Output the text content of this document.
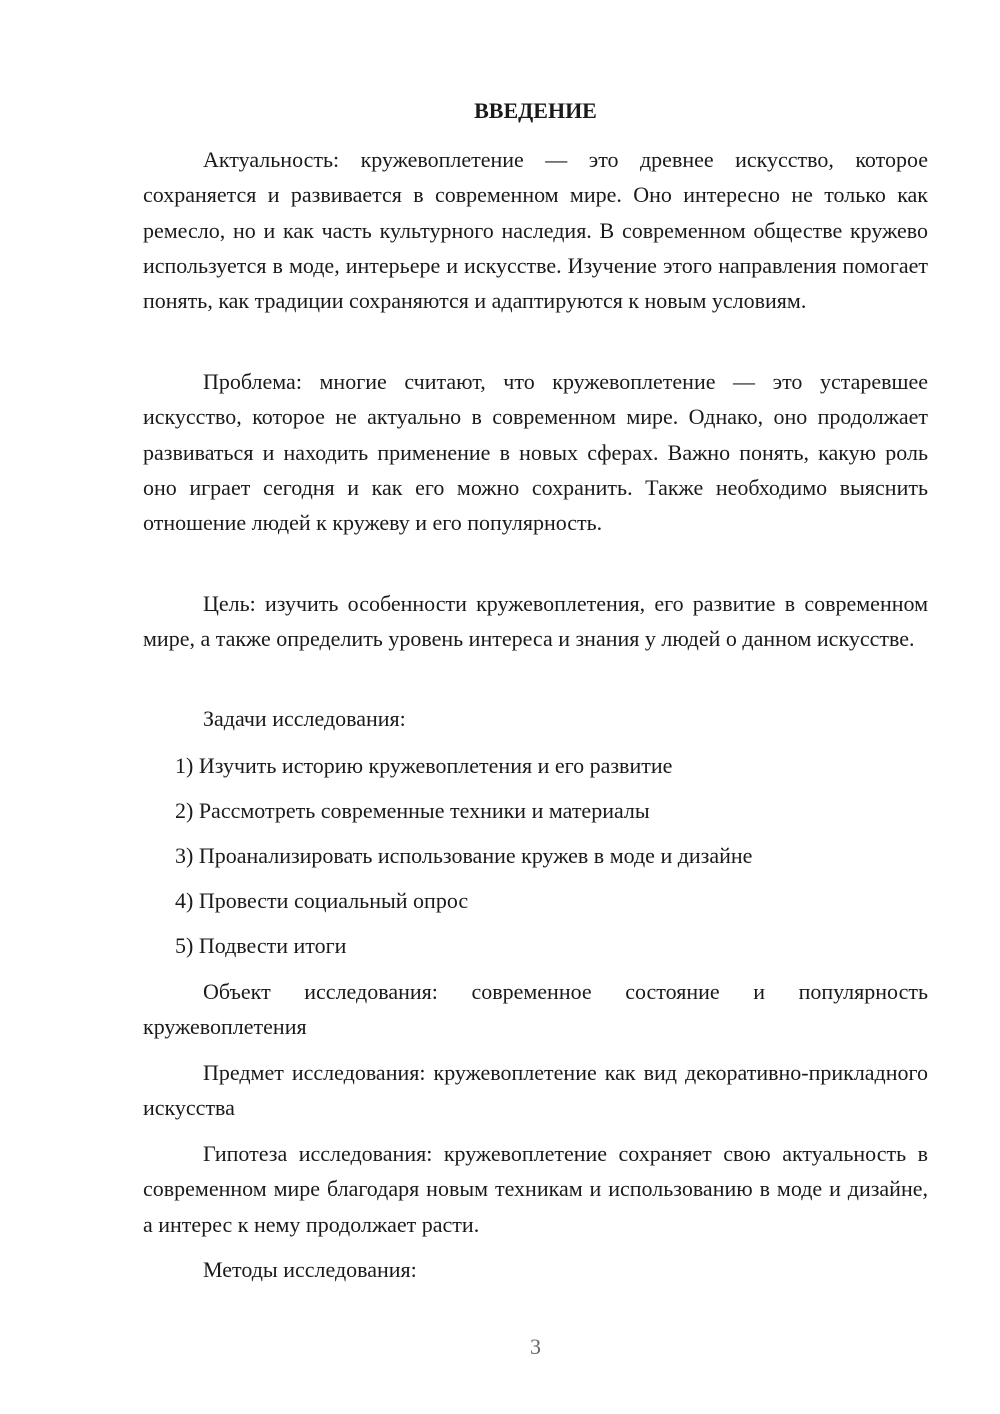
ВВЕДЕНИЕ

Актуальность: кружевоплетение — это древнее искусство, которое сохраняется и развивается в современном мире. Оно интересно не только как ремесло, но и как часть культурного наследия. В современном обществе кружево используется в моде, интерьере и искусстве. Изучение этого направления помогает понять, как традиции сохраняются и адаптируются к новым условиям.

Проблема: многие считают, что кружевоплетение — это устаревшее искусство, которое не актуально в современном мире. Однако, оно продолжает развиваться и находить применение в новых сферах. Важно понять, какую роль оно играет сегодня и как его можно сохранить. Также необходимо выяснить отношение людей к кружеву и его популярность.

Цель: изучить особенности кружевоплетения, его развитие в современном мире, а также определить уровень интереса и знания у людей о данном искусстве.

Задачи исследования:

1) Изучить историю кружевоплетения и его развитие

2) Рассмотреть современные техники и материалы

3) Проанализировать использование кружев в моде и дизайне

4) Провести социальный опрос

5) Подвести итоги

Объект исследования: современное состояние и популярность кружевоплетения

Предмет исследования: кружевоплетение как вид декоративно-прикладного искусства

Гипотеза исследования: кружевоплетение сохраняет свою актуальность в современном мире благодаря новым техникам и использованию в моде и дизайне, а интерес к нему продолжает расти.

Методы исследования:

3
